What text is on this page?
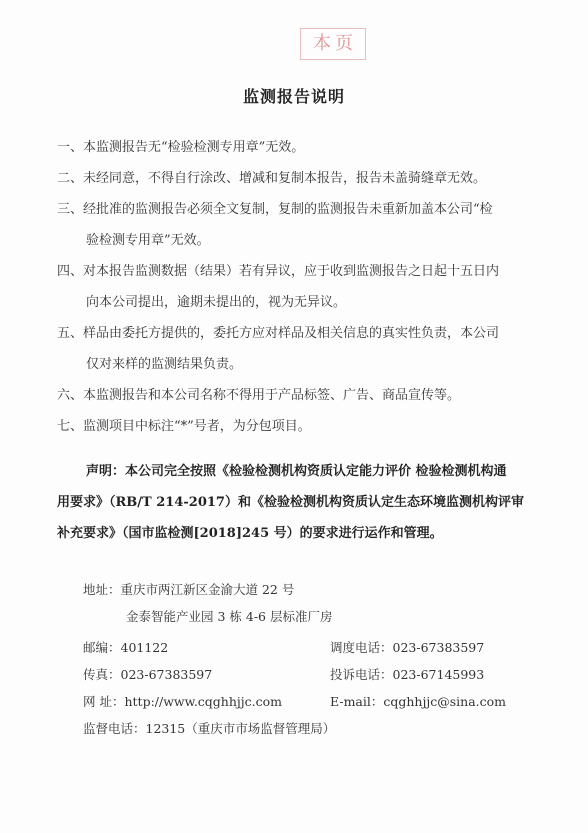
本 页
监测报告说明
一、本监测报告无“检验检测专用章”无效。
二、未经同意，不得自行涂改、增减和复制本报告，报告未盖骑缝章无效。
三、经批准的监测报告必须全文复制，复制的监测报告未重新加盖本公司“检
验检测专用章”无效。
四、对本报告监测数据（结果）若有异议，应于收到监测报告之日起十五日内
向本公司提出，逾期未提出的，视为无异议。
五、样品由委托方提供的，委托方应对样品及相关信息的真实性负责，本公司
仅对来样的监测结果负责。
六、本监测报告和本公司名称不得用于产品标签、广告、商品宣传等。
七、监测项目中标注“*”号者，为分包项目。
声明：本公司完全按照《检验检测机构资质认定能力评价 检验检测机构通
用要求》（RB/T 214-2017）和《检验检测机构资质认定生态环境监测机构评审
补充要求》（国市监检测[2018]245 号）的要求进行运作和管理。
地址：重庆市两江新区金渝大道 22 号
金泰智能产业园 3 栋 4-6 层标准厂房
邮编：401122	调度电话：023-67383597
传真：023-67383597	投诉电话：023-67145993
网 址：http://www.cqghhjjc.com	E-mail：cqghhjjc@sina.com
监督电话：12315（重庆市市场监督管理局）
